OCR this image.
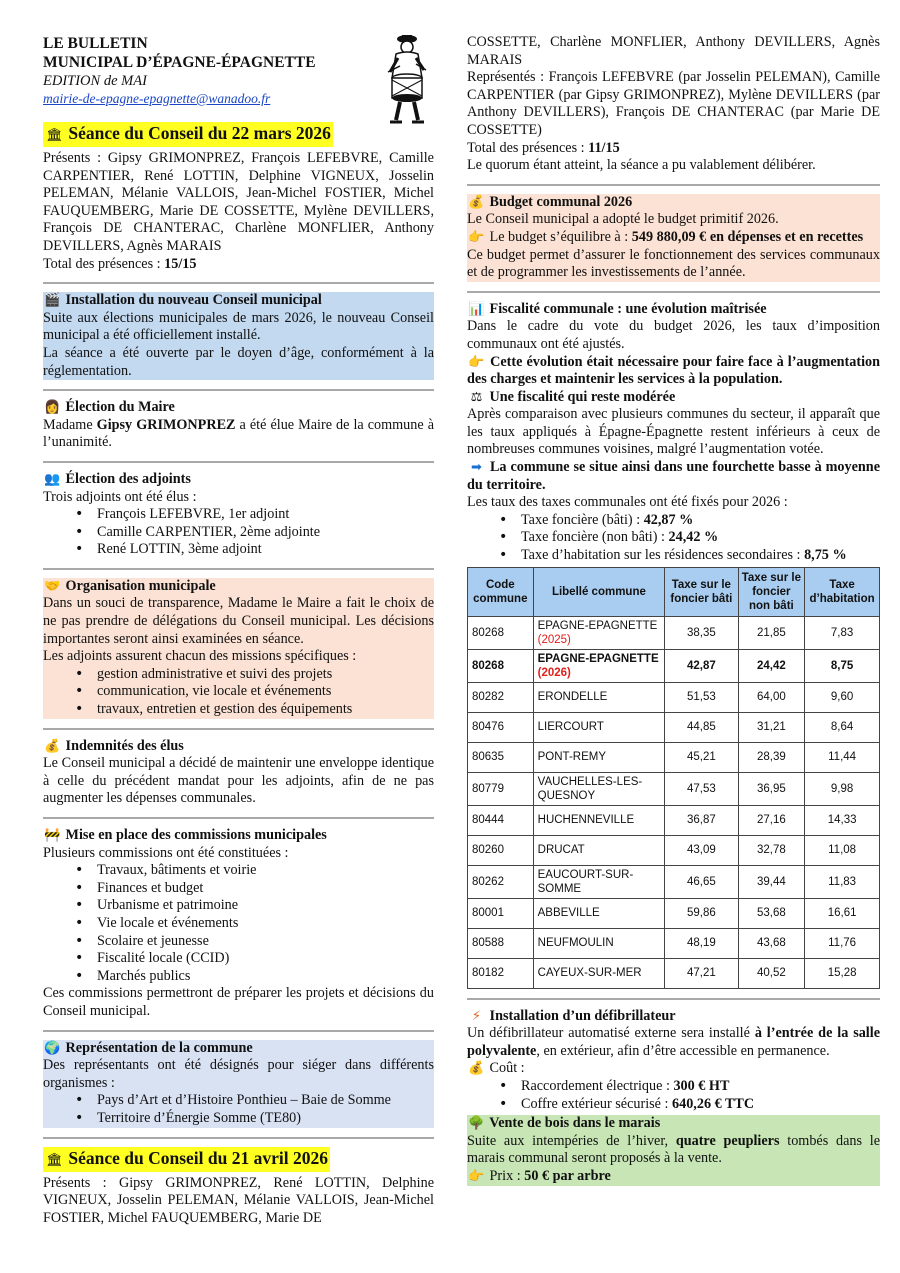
LE BULLETIN
MUNICIPAL D’ÉPAGNE-ÉPAGNETTE
EDITION de MAI
mairie-de-epagne-epagnette@wanadoo.fr
🏛 Séance du Conseil du 22 mars 2026

Présents : Gipsy GRIMONPREZ, François LEFEBVRE, Camille CARPENTIER, René LOTTIN, Delphine VIGNEUX, Josselin PELEMAN, Mélanie VALLOIS, Jean-Michel FOSTIER, Michel FAUQUEMBERG, Marie DE COSSETTE, Mylène DEVILLERS, François DE CHANTERAC, Charlène MONFLIER, Anthony DEVILLERS, Agnès MARAIS

Total des présences : 15/15

🎬 Installation du nouveau Conseil municipal

Suite aux élections municipales de mars 2026, le nouveau Conseil municipal a été officiellement installé.

La séance a été ouverte par le doyen d’âge, conformément à la réglementation.

👩 Élection du Maire

Madame Gipsy GRIMONPREZ a été élue Maire de la commune à l’unanimité.

👥 Élection des adjoints

Trois adjoints ont été élus :

• François LEFEBVRE, 1er adjoint
• Camille CARPENTIER, 2ème adjointe
• René LOTTIN, 3ème adjoint

🤝 Organisation municipale

Dans un souci de transparence, Madame le Maire a fait le choix de ne pas prendre de délégations du Conseil municipal. Les décisions importantes seront ainsi examinées en séance.

Les adjoints assurent chacun des missions spécifiques :

• gestion administrative et suivi des projets
• communication, vie locale et événements
• travaux, entretien et gestion des équipements

💰 Indemnités des élus

Le Conseil municipal a décidé de maintenir une enveloppe identique à celle du précédent mandat pour les adjoints, afin de ne pas augmenter les dépenses communales.

🚧 Mise en place des commissions municipales

Plusieurs commissions ont été constituées :

• Travaux, bâtiments et voirie
• Finances et budget
• Urbanisme et patrimoine
• Vie locale et événements
• Scolaire et jeunesse
• Fiscalité locale (CCID)
• Marchés publics

Ces commissions permettront de préparer les projets et décisions du Conseil municipal.

🌍 Représentation de la commune

Des représentants ont été désignés pour siéger dans différents organismes :

• Pays d’Art et d’Histoire Ponthieu – Baie de Somme
• Territoire d’Énergie Somme (TE80)
🏛 Séance du Conseil du 21 avril 2026

Présents : Gipsy GRIMONPREZ, René LOTTIN, Delphine VIGNEUX, Josselin PELEMAN, Mélanie VALLOIS, Jean-Michel FOSTIER, Michel FAUQUEMBERG, Marie DE

COSSETTE, Charlène MONFLIER, Anthony DEVILLERS, Agnès MARAIS

Représentés : François LEFEBVRE (par Josselin PELEMAN), Camille CARPENTIER (par Gipsy GRIMONPREZ), Mylène DEVILLERS (par Anthony DEVILLERS), François DE CHANTERAC (par Marie DE COSSETTE)

Total des présences : 11/15

Le quorum étant atteint, la séance a pu valablement délibérer.

💰 Budget communal 2026

Le Conseil municipal a adopté le budget primitif 2026.

👉 Le budget s’équilibre à : 549 880,09 € en dépenses et en recettes

Ce budget permet d’assurer le fonctionnement des services communaux et de programmer les investissements de l’année.

📊 Fiscalité communale : une évolution maîtrisée

Dans le cadre du vote du budget 2026, les taux d’imposition communaux ont été ajustés.

👉 Cette évolution était nécessaire pour faire face à l’augmentation des charges et maintenir les services à la population.

⚖ Une fiscalité qui reste modérée

Après comparaison avec plusieurs communes du secteur, il apparaît que les taux appliqués à Épagne-Épagnette restent inférieurs à ceux de nombreuses communes voisines, malgré l’augmentation votée.

➡ La commune se situe ainsi dans une fourchette basse à moyenne du territoire.

Les taux des taxes communales ont été fixés pour 2026 :

• Taxe foncière (bâti) : 42,87 %
• Taxe foncière (non bâti) : 24,42 %
• Taxe d’habitation sur les résidences secondaires : 8,75 %
Code commune	Libellé commune	Taxe sur le foncier bâti	Taxe sur le foncier non bâti	Taxe d’habitation
80268	EPAGNE-EPAGNETTE (2025)	38,35	21,85	7,83
80268	EPAGNE-EPAGNETTE (2026)	42,87	24,42	8,75
80282	ERONDELLE	51,53	64,00	9,60
80476	LIERCOURT	44,85	31,21	8,64
80635	PONT-REMY	45,21	28,39	11,44
80779	VAUCHELLES-LES-QUESNOY	47,53	36,95	9,98
80444	HUCHENNEVILLE	36,87	27,16	14,33
80260	DRUCAT	43,09	32,78	11,08
80262	EAUCOURT-SUR-SOMME	46,65	39,44	11,83
80001	ABBEVILLE	59,86	53,68	16,61
80588	NEUFMOULIN	48,19	43,68	11,76
80182	CAYEUX-SUR-MER	47,21	40,52	15,28

⚡ Installation d’un défibrillateur

Un défibrillateur automatisé externe sera installé à l’entrée de la salle polyvalente, en extérieur, afin d’être accessible en permanence.

💰 Coût :

• Raccordement électrique : 300 € HT
• Coffre extérieur sécurisé : 640,26 € TTC

🌳 Vente de bois dans le marais

Suite aux intempéries de l’hiver, quatre peupliers tombés dans le marais communal seront proposés à la vente.

👉 Prix : 50 € par arbre
